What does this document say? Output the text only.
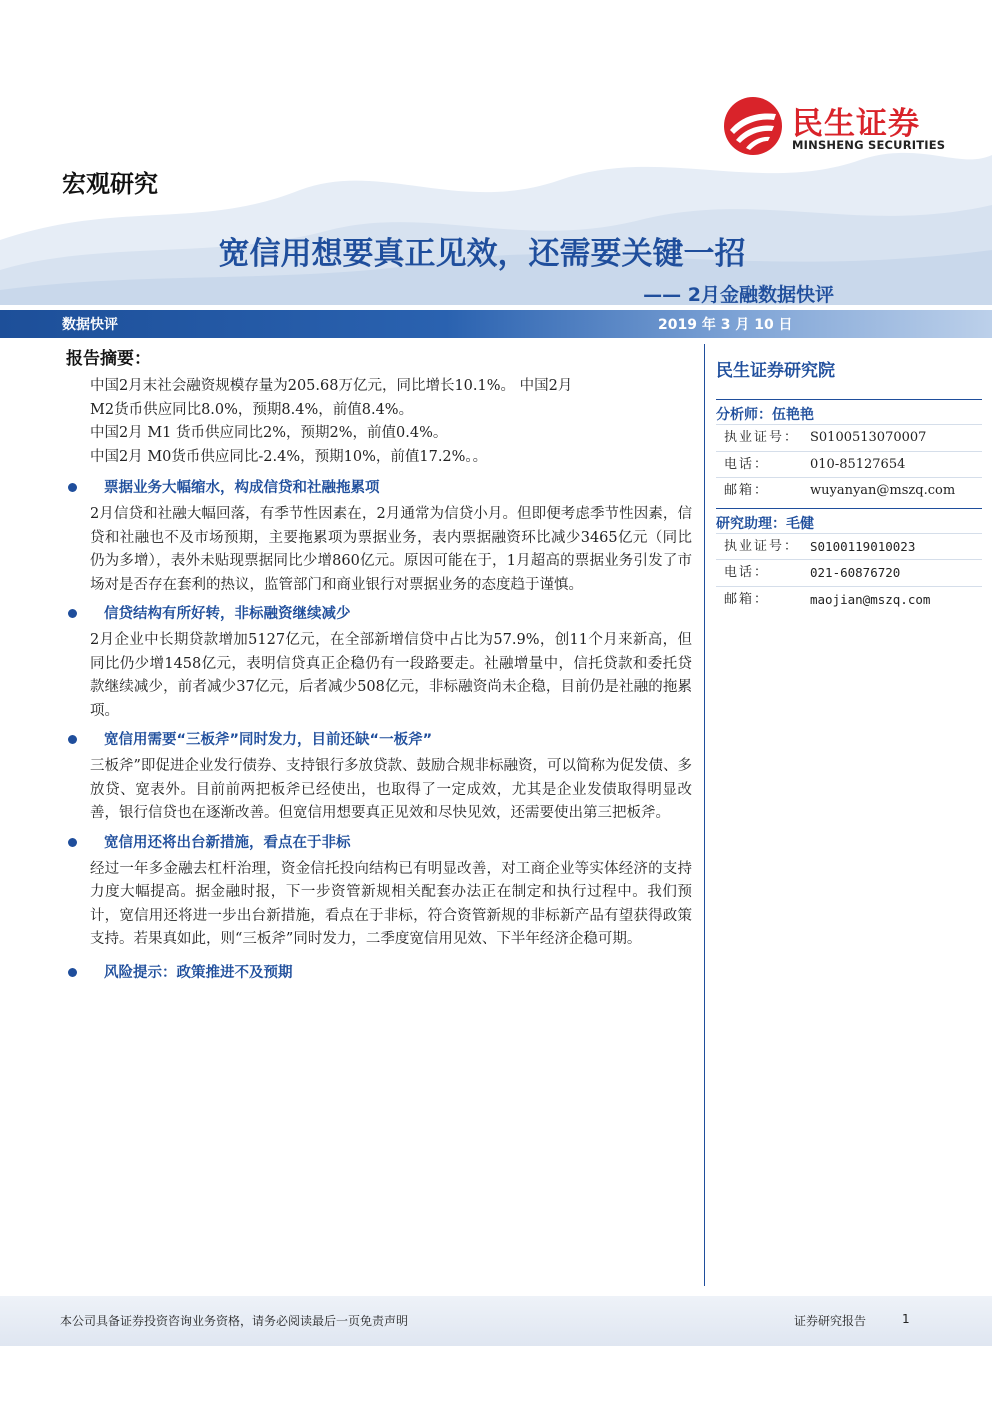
民生证券
MINSHENG SECURITIES
宏观研究
宽信用想要真正见效，还需要关键一招
—— 2月金融数据快评
数据快评	2019 年 3 月 10 日
报告摘要：
中国2月末社会融资规模存量为205.68万亿元，同比增长10.1%。 中国2月
M2货币供应同比8.0%，预期8.4%，前值8.4%。
中国2月 M1 货币供应同比2%，预期2%，前值0.4%。
中国2月 M0货币供应同比-2.4%，预期10%，前值17.2%。。
票据业务大幅缩水，构成信贷和社融拖累项
2月信贷和社融大幅回落，有季节性因素在，2月通常为信贷小月。但即便考虑季节性因素，信贷和社融也不及市场预期，主要拖累项为票据业务，表内票据融资环比减少3465亿元（同比仍为多增），表外未贴现票据同比少增860亿元。原因可能在于，1月超高的票据业务引发了市场对是否存在套利的热议，监管部门和商业银行对票据业务的态度趋于谨慎。
信贷结构有所好转，非标融资继续减少
2月企业中长期贷款增加5127亿元，在全部新增信贷中占比为57.9%，创11个月来新高，但同比仍少增1458亿元，表明信贷真正企稳仍有一段路要走。社融增量中，信托贷款和委托贷款继续减少，前者减少37亿元，后者减少508亿元，非标融资尚未企稳，目前仍是社融的拖累项。
宽信用需要“三板斧”同时发力，目前还缺“一板斧”
三板斧”即促进企业发行债券、支持银行多放贷款、鼓励合规非标融资，可以简称为促发债、多放贷、宽表外。目前前两把板斧已经使出，也取得了一定成效，尤其是企业发债取得明显改善，银行信贷也在逐渐改善。但宽信用想要真正见效和尽快见效，还需要使出第三把板斧。
宽信用还将出台新措施，看点在于非标
经过一年多金融去杠杆治理，资金信托投向结构已有明显改善，对工商企业等实体经济的支持力度大幅提高。据金融时报，下一步资管新规相关配套办法正在制定和执行过程中。我们预计，宽信用还将进一步出台新措施，看点在于非标，符合资管新规的非标新产品有望获得政策支持。若果真如此，则“三板斧”同时发力，二季度宽信用见效、下半年经济企稳可期。
风险提示：政策推进不及预期
民生证券研究院
分析师：伍艳艳
执业证号： S0100513070007
电话：	010-85127654
邮箱：	wuyanyan@mszq.com
研究助理：毛健
执业证号： S0100119010023
电话：	021-60876720
邮箱：	maojian@mszq.com
本公司具备证券投资咨询业务资格，请务必阅读最后一页免责声明	证券研究报告	1
